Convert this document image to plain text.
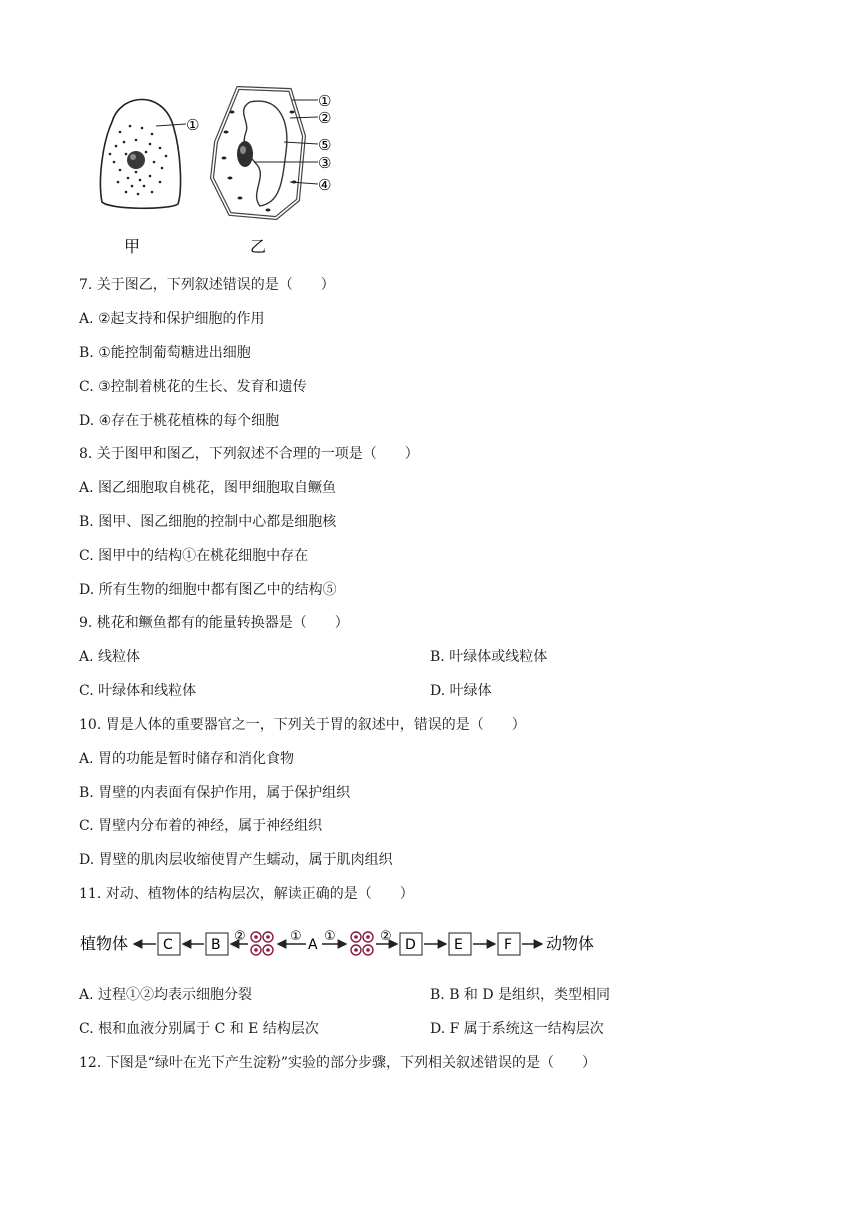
①
甲
①
②
⑤
③
④
乙
7. 关于图乙，下列叙述错误的是（　　）
A. ②起支持和保护细胞的作用
B. ①能控制葡萄糖进出细胞
C. ③控制着桃花的生长、发育和遗传
D. ④存在于桃花植株的每个细胞
8. 关于图甲和图乙，下列叙述不合理的一项是（　　）
A. 图乙细胞取自桃花，图甲细胞取自鳜鱼
B. 图甲、图乙细胞的控制中心都是细胞核
C. 图甲中的结构①在桃花细胞中存在
D. 所有生物的细胞中都有图乙中的结构⑤
9. 桃花和鳜鱼都有的能量转换器是（　　）
A. 线粒体	B. 叶绿体或线粒体
C. 叶绿体和线粒体	D. 叶绿体
10. 胃是人体的重要器官之一，下列关于胃的叙述中，错误的是（　　）
A. 胃的功能是暂时储存和消化食物
B. 胃壁的内表面有保护作用，属于保护组织
C. 胃壁内分布着的神经，属于神经组织
D. 胃壁的肌肉层收缩使胃产生蠕动，属于肌肉组织
11. 对动、植物体的结构层次，解读正确的是（　　）
植物体 C	B
②	①
A
①	②
D	E	F 动物体
A. 过程①②均表示细胞分裂	B. B 和 D 是组织，类型相同
C. 根和血液分别属于 C 和 E 结构层次	D. F 属于系统这一结构层次
12. 下图是“绿叶在光下产生淀粉”实验的部分步骤，下列相关叙述错误的是（　　）
